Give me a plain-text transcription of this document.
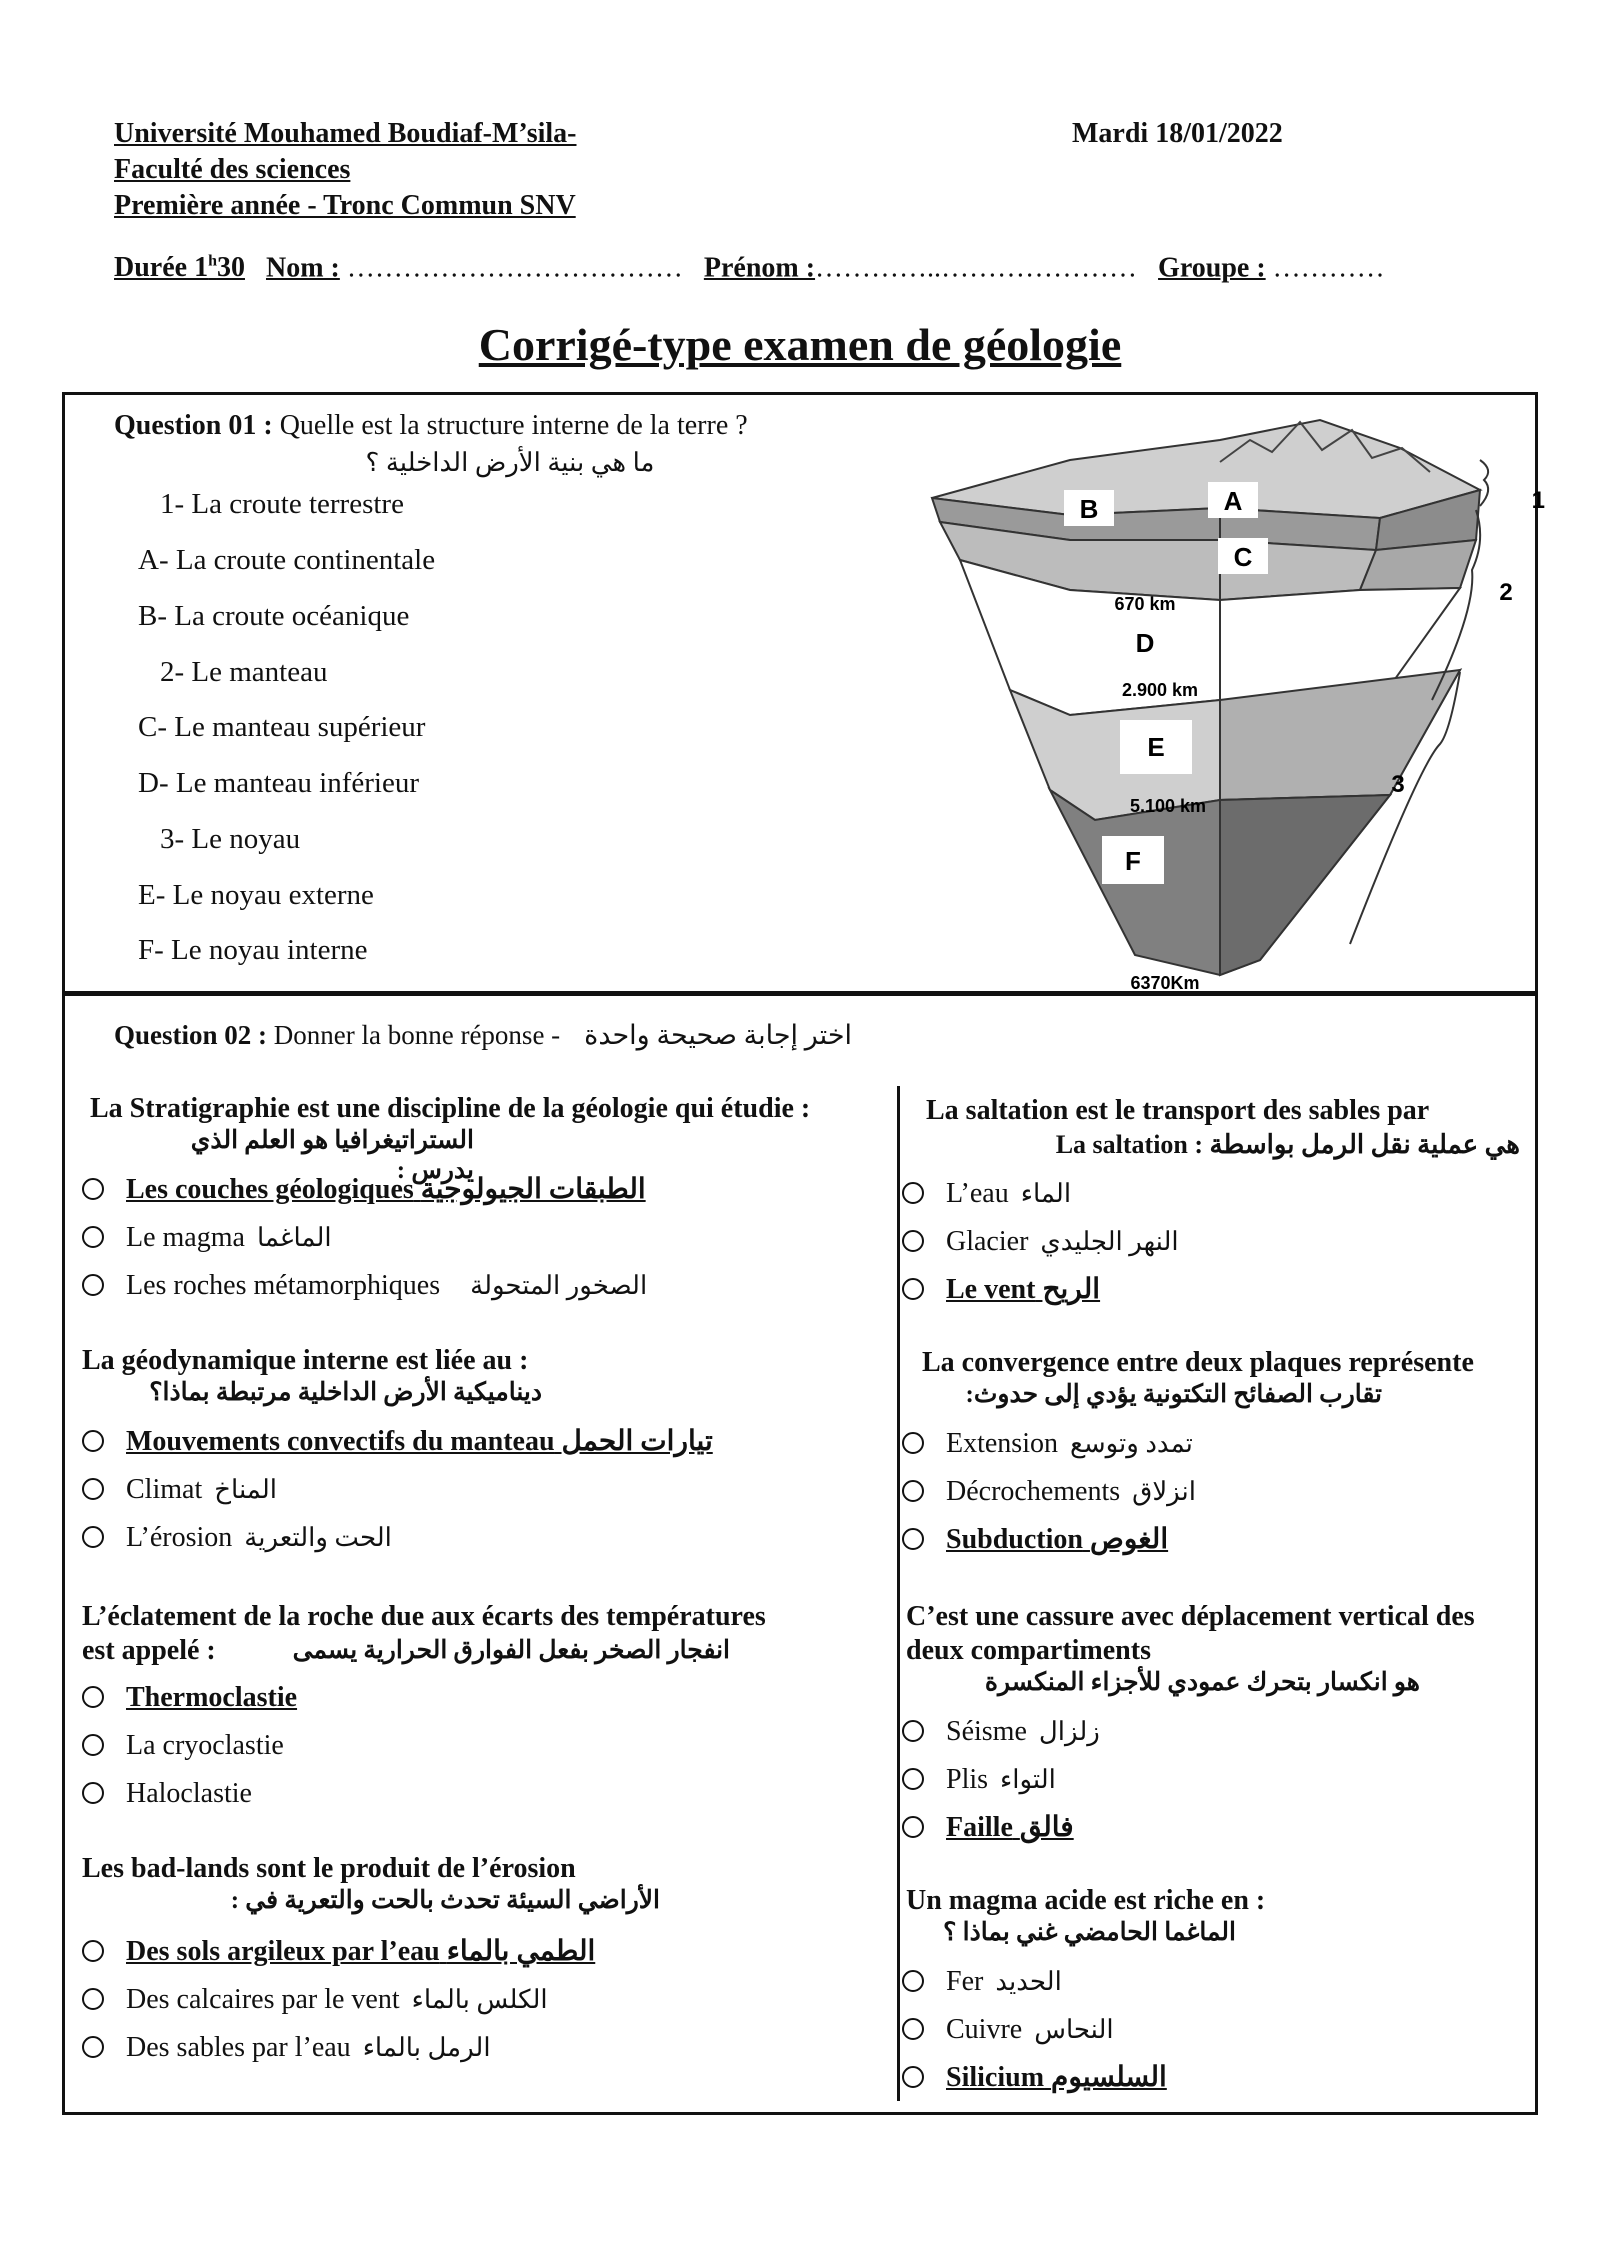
Université Mouhamed Boudiaf-M’sila-
Faculté des sciences
Première année - Tronc Commun SNV
Mardi 18/01/2022
Durée 1$^h$30 Nom : ……………………………… Prénom :…………..………………… Groupe : …………
Corrigé-type examen de géologie
Question 01 : Quelle est la structure interne de la terre ?
ما هي بنية الأرض الداخلية ؟
1- La croute terrestre
A- La croute continentale
B- La croute océanique
2- Le manteau
C- Le manteau supérieur
D- Le manteau inférieur
3- Le noyau
E- Le noyau externe
F- Le noyau interne
B	A
C
670 km
D
2.900 km
E
5.100 km
F
6370Km
1
2
3
Question 02 : Donner la bonne réponse - اختر إجابة صحيحة واحدة
La Stratigraphie est une discipline de la géologie qui étudie :
الستراتيغرافيا هو العلم الذي يدرس :
Les couches géologiques الطبقات الجيولوجية
Le magma الماغما
Les roches métamorphiques الصخور المتحولة
La géodynamique interne est liée au :
ديناميكية الأرض الداخلية مرتبطة بماذا؟
Mouvements convectifs du manteau تيارات الحمل
Climat المناخ
L’érosion الحت والتعرية
L’éclatement de la roche due aux écarts des températures
est appelé :	انفجار الصخر بفعل الفوارق الحرارية يسمى
Thermoclastie
La cryoclastie
Haloclastie
Les bad-lands sont le produit de l’érosion
الأراضي السيئة تحدث بالحت والتعرية في :
Des sols argileux par l’eau الطمي بالماء
Des calcaires par le vent الكلس بالماء
Des sables par l’eau الرمل بالماء
La saltation est le transport des sables par
هي عملية نقل الرمل بواسطة : La saltation
L’eau الماء
Glacier النهر الجليدي
Le vent الريح
La convergence entre deux plaques représente
تقارب الصفائح التكتونية يؤدي إلى حدوث:
Extension تمدد وتوسع
Décrochements انزلاق
Subduction الغوص
C’est une cassure avec déplacement vertical des
deux compartiments
هو انكسار بتحرك عمودي للأجزاء المنكسرة
Séisme زلزال
Plis التواء
Faille فالق
Un magma acide est riche en :
الماغما الحامضي غني بماذا ؟
Fer الحديد
Cuivre النحاس
Silicium السلسيوم
